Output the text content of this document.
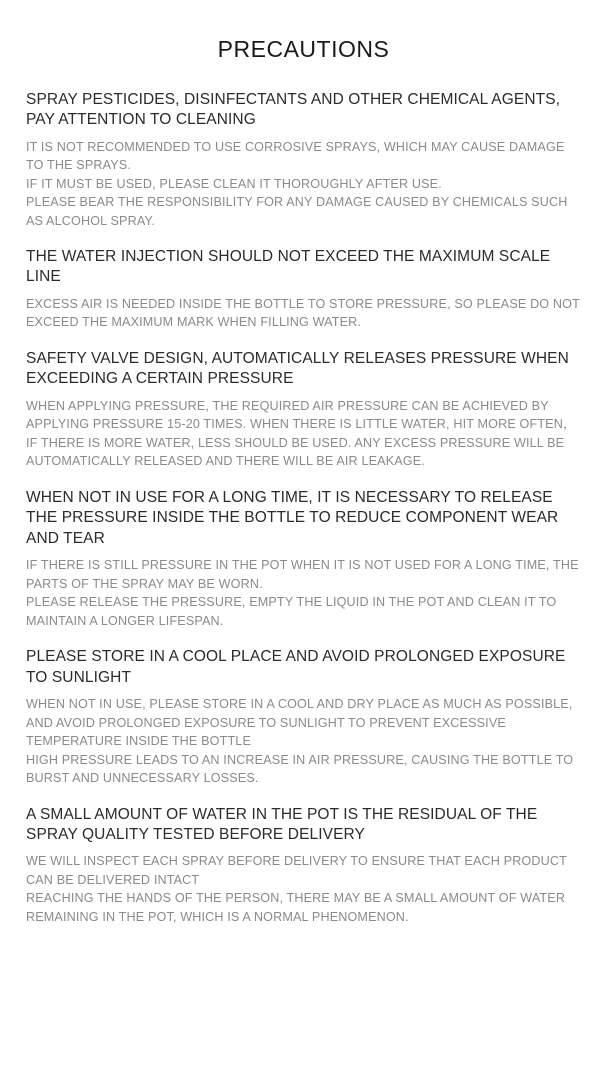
PRECAUTIONS
SPRAY PESTICIDES, DISINFECTANTS AND OTHER CHEMICAL AGENTS, PAY ATTENTION TO CLEANING
IT IS NOT RECOMMENDED TO USE CORROSIVE SPRAYS, WHICH MAY CAUSE DAMAGE TO THE SPRAYS.
IF IT MUST BE USED, PLEASE CLEAN IT THOROUGHLY AFTER USE.
PLEASE BEAR THE RESPONSIBILITY FOR ANY DAMAGE CAUSED BY CHEMICALS SUCH AS ALCOHOL SPRAY.
THE WATER INJECTION SHOULD NOT EXCEED THE MAXIMUM SCALE LINE
EXCESS AIR IS NEEDED INSIDE THE BOTTLE TO STORE PRESSURE, SO PLEASE DO NOT EXCEED THE MAXIMUM MARK WHEN FILLING WATER.
SAFETY VALVE DESIGN, AUTOMATICALLY RELEASES PRESSURE WHEN EXCEEDING A CERTAIN PRESSURE
WHEN APPLYING PRESSURE, THE REQUIRED AIR PRESSURE CAN BE ACHIEVED BY APPLYING PRESSURE 15-20 TIMES. WHEN THERE IS LITTLE WATER, HIT MORE OFTEN，IF THERE IS MORE WATER, LESS SHOULD BE USED. ANY EXCESS PRESSURE WILL BE AUTOMATICALLY RELEASED AND THERE WILL BE AIR LEAKAGE.
WHEN NOT IN USE FOR A LONG TIME, IT IS NECESSARY TO RELEASE THE PRESSURE INSIDE THE BOTTLE TO REDUCE COMPONENT WEAR AND TEAR
IF THERE IS STILL PRESSURE IN THE POT WHEN IT IS NOT USED FOR A LONG TIME, THE PARTS OF THE SPRAY MAY BE WORN.
PLEASE RELEASE THE PRESSURE, EMPTY THE LIQUID IN THE POT AND CLEAN IT TO MAINTAIN A LONGER LIFESPAN.
PLEASE STORE IN A COOL PLACE AND AVOID PROLONGED EXPOSURE TO SUNLIGHT
WHEN NOT IN USE, PLEASE STORE IN A COOL AND DRY PLACE AS MUCH AS POSSIBLE, AND AVOID PROLONGED EXPOSURE TO SUNLIGHT TO PREVENT EXCESSIVE TEMPERATURE INSIDE THE BOTTLE
HIGH PRESSURE LEADS TO AN INCREASE IN AIR PRESSURE, CAUSING THE BOTTLE TO BURST AND UNNECESSARY LOSSES.
A SMALL AMOUNT OF WATER IN THE POT IS THE RESIDUAL OF THE SPRAY QUALITY TESTED BEFORE DELIVERY
WE WILL INSPECT EACH SPRAY BEFORE DELIVERY TO ENSURE THAT EACH PRODUCT CAN BE DELIVERED INTACT
REACHING THE HANDS OF THE PERSON, THERE MAY BE A SMALL AMOUNT OF WATER REMAINING IN THE POT, WHICH IS A NORMAL PHENOMENON.
